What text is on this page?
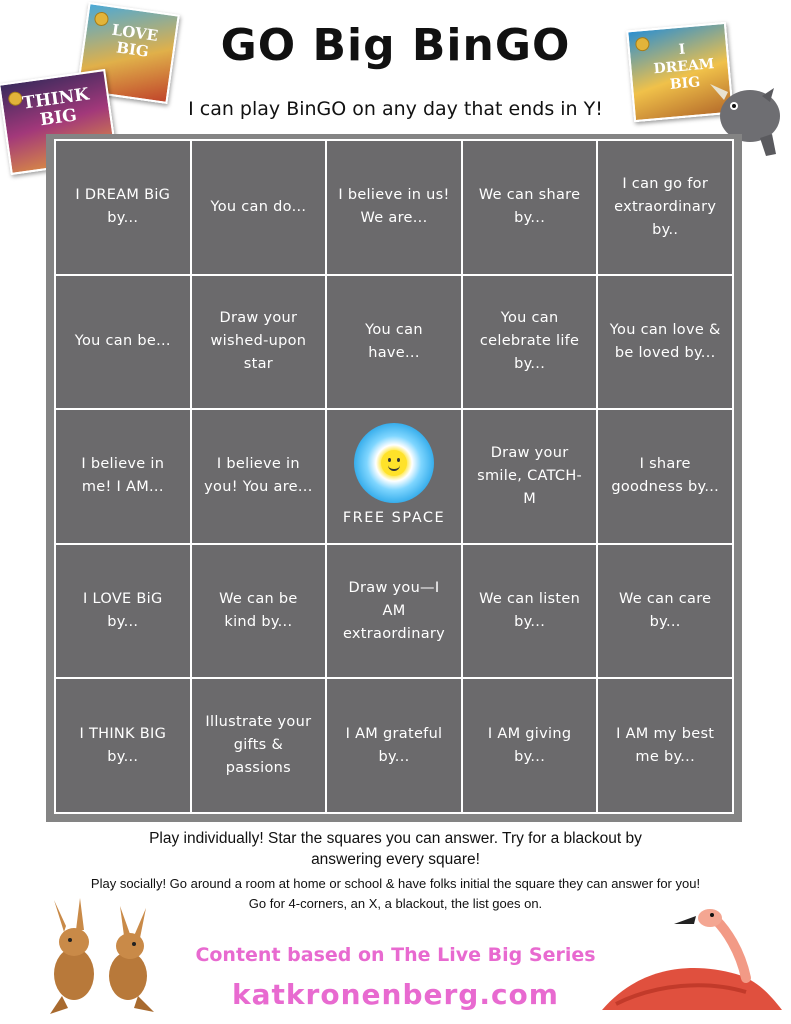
LOVE BIG
THINK BIG
I DREAM BIG
GO Big BinGO
I can play BinGO on any day that ends in Y!
I DREAM BiG by...
You can do...
I believe in us! We are...
We can share by...
I can go for extraordinary by..
You can be...
Draw your wished-upon star
You can have...
You can celebrate life by...
You can love & be loved by...
I believe in me! I AM...
I believe in you! You are...
FREE SPACE
Draw your smile, CATCH-M
I share goodness by...
I LOVE BiG by...
We can be kind by...
Draw you—I AM extraordinary
We can listen by...
We can care by...
I THINK BIG by...
Illustrate your gifts & passions
I AM grateful by...
I AM giving by...
I AM my best me by...
Play individually! Star the squares you can answer. Try for a blackout by
answering every square!
Play socially! Go around a room at home or school & have folks initial the square they can answer for you!
Go for 4-corners, an X, a blackout, the list goes on.
Content based on The Live Big Series
katkronenberg.com
